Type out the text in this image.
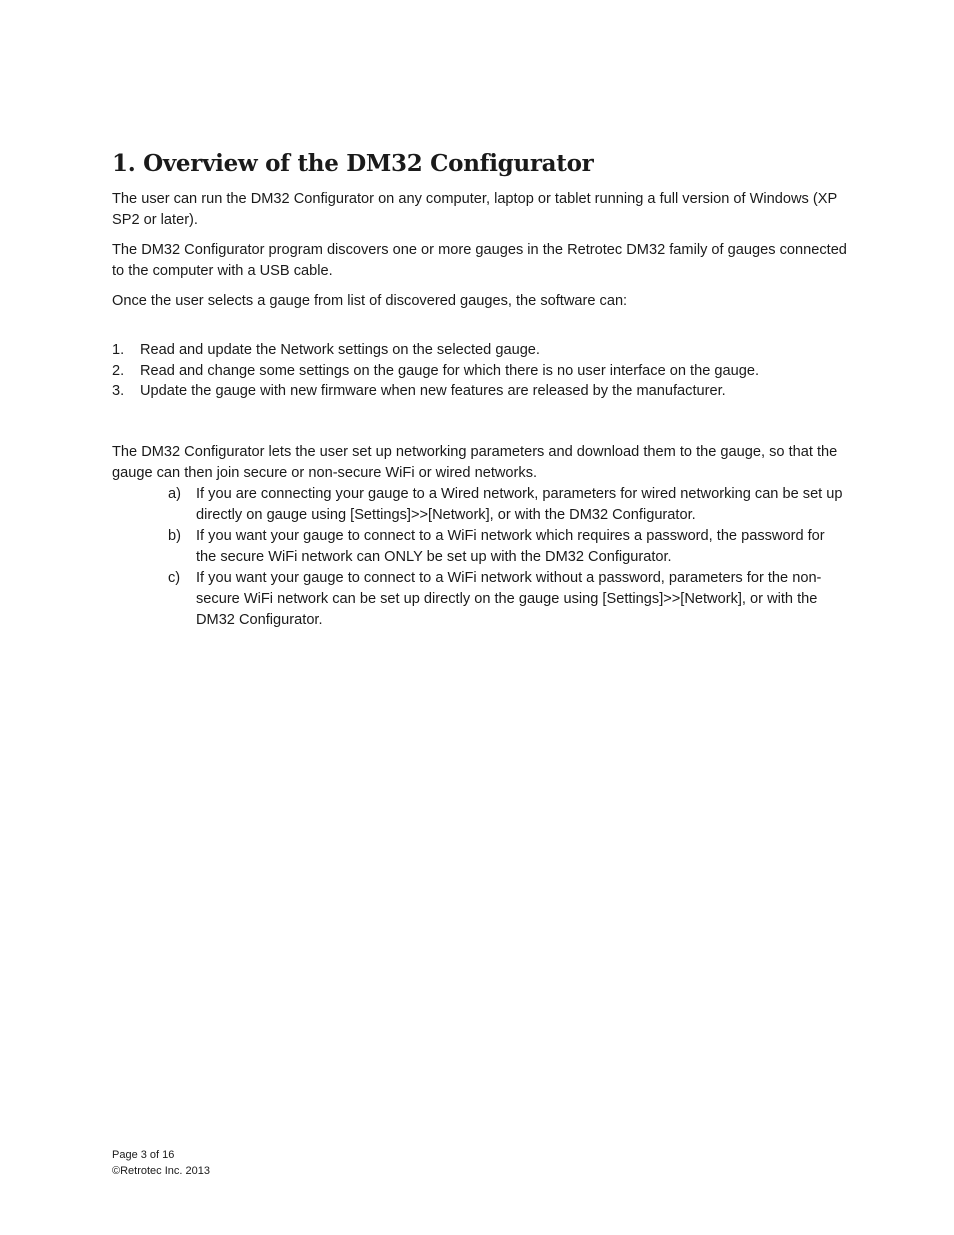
1. Overview of the DM32 Configurator

The user can run the DM32 Configurator on any computer, laptop or tablet running a full version of Windows (XP SP2 or later).

The DM32 Configurator program discovers one or more gauges in the Retrotec DM32 family of gauges connected to the computer with a USB cable.

Once the user selects a gauge from list of discovered gauges, the software can:

1. Read and update the Network settings on the selected gauge.
2. Read and change some settings on the gauge for which there is no user interface on the gauge.
3. Update the gauge with new firmware when new features are released by the manufacturer.

The DM32 Configurator lets the user set up networking parameters and download them to the gauge, so that the gauge can then join secure or non-secure WiFi or wired networks.

a) If you are connecting your gauge to a Wired network, parameters for wired networking can be set up directly on gauge using [Settings]>>[Network], or with the DM32 Configurator.
b) If you want your gauge to connect to a WiFi network which requires a password, the password for the secure WiFi network can ONLY be set up with the DM32 Configurator.
c) If you want your gauge to connect to a WiFi network without a password, parameters for the non-secure WiFi network can be set up directly on the gauge using [Settings]>>[Network], or with the DM32 Configurator.
Page 3 of 16
©Retrotec Inc. 2013
